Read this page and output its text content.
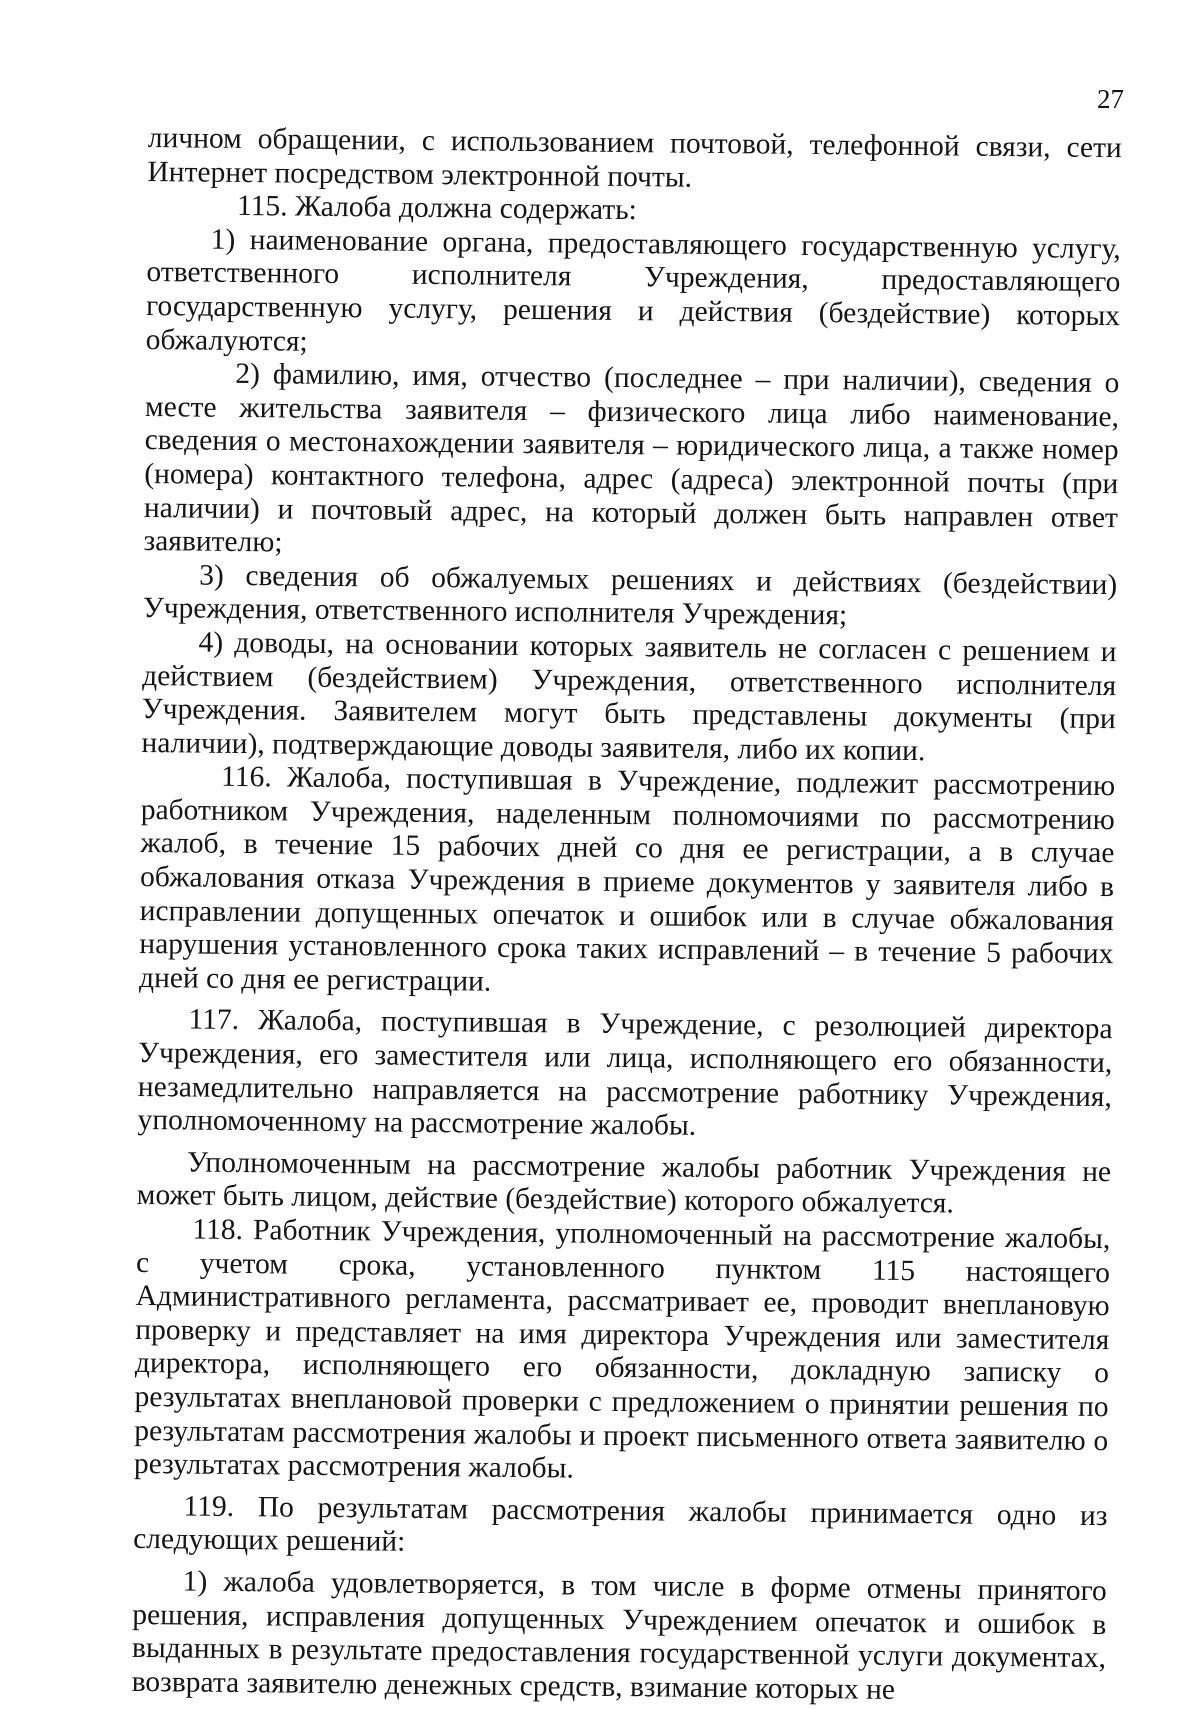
27

личном обращении, с использованием почтовой, телефонной связи, сети Интернет посредством электронной почты.

115. Жалоба должна содержать:

1) наименование органа, предоставляющего государственную услугу, ответственного исполнителя Учреждения, предоставляющего государственную услугу, решения и действия (бездействие) которых обжалуются;

2) фамилию, имя, отчество (последнее – при наличии), сведения о месте жительства заявителя – физического лица либо наименование, сведения о местонахождении заявителя – юридического лица, а также номер (номера) контактного телефона, адрес (адреса) электронной почты (при наличии) и почтовый адрес, на который должен быть направлен ответ заявителю;

3) сведения об обжалуемых решениях и действиях (бездействии) Учреждения, ответственного исполнителя Учреждения;

4) доводы, на основании которых заявитель не согласен с решением и действием (бездействием) Учреждения, ответственного исполнителя Учреждения. Заявителем могут быть представлены документы (при наличии), подтверждающие доводы заявителя, либо их копии.

116. Жалоба, поступившая в Учреждение, подлежит рассмотрению работником Учреждения, наделенным полномочиями по рассмотрению жалоб, в течение 15 рабочих дней со дня ее регистрации, а в случае обжалования отказа Учреждения в приеме документов у заявителя либо в исправлении допущенных опечаток и ошибок или в случае обжалования нарушения установленного срока таких исправлений – в течение 5 рабочих дней со дня ее регистрации.

117. Жалоба, поступившая в Учреждение, с резолюцией директора Учреждения, его заместителя или лица, исполняющего его обязанности, незамедлительно направляется на рассмотрение работнику Учреждения, уполномоченному на рассмотрение жалобы.

Уполномоченным на рассмотрение жалобы работник Учреждения не может быть лицом, действие (бездействие) которого обжалуется.

118. Работник Учреждения, уполномоченный на рассмотрение жалобы, с учетом срока, установленного пунктом 115 настоящего Административного регламента, рассматривает ее, проводит внеплановую проверку и представляет на имя директора Учреждения или заместителя директора, исполняющего его обязанности, докладную записку о результатах внеплановой проверки с предложением о принятии решения по результатам рассмотрения жалобы и проект письменного ответа заявителю о результатах рассмотрения жалобы.

119. По результатам рассмотрения жалобы принимается одно из следующих решений:

1) жалоба удовлетворяется, в том числе в форме отмены принятого решения, исправления допущенных Учреждением опечаток и ошибок в выданных в результате предоставления государственной услуги документах, возврата заявителю денежных средств, взимание которых не
